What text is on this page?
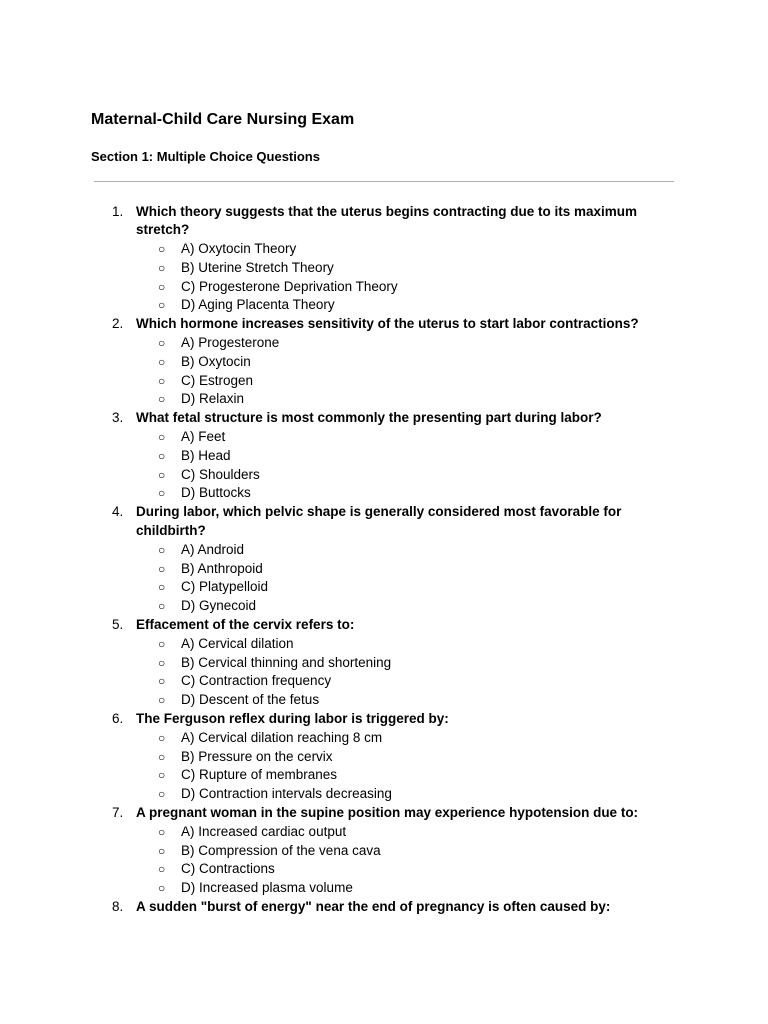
Maternal-Child Care Nursing Exam
Section 1: Multiple Choice Questions
1. Which theory suggests that the uterus begins contracting due to its maximum stretch?
○ A) Oxytocin Theory
○ B) Uterine Stretch Theory
○ C) Progesterone Deprivation Theory
○ D) Aging Placenta Theory
2. Which hormone increases sensitivity of the uterus to start labor contractions?
○ A) Progesterone
○ B) Oxytocin
○ C) Estrogen
○ D) Relaxin
3. What fetal structure is most commonly the presenting part during labor?
○ A) Feet
○ B) Head
○ C) Shoulders
○ D) Buttocks
4. During labor, which pelvic shape is generally considered most favorable for childbirth?
○ A) Android
○ B) Anthropoid
○ C) Platypelloid
○ D) Gynecoid
5. Effacement of the cervix refers to:
○ A) Cervical dilation
○ B) Cervical thinning and shortening
○ C) Contraction frequency
○ D) Descent of the fetus
6. The Ferguson reflex during labor is triggered by:
○ A) Cervical dilation reaching 8 cm
○ B) Pressure on the cervix
○ C) Rupture of membranes
○ D) Contraction intervals decreasing
7. A pregnant woman in the supine position may experience hypotension due to:
○ A) Increased cardiac output
○ B) Compression of the vena cava
○ C) Contractions
○ D) Increased plasma volume
8. A sudden "burst of energy" near the end of pregnancy is often caused by:
